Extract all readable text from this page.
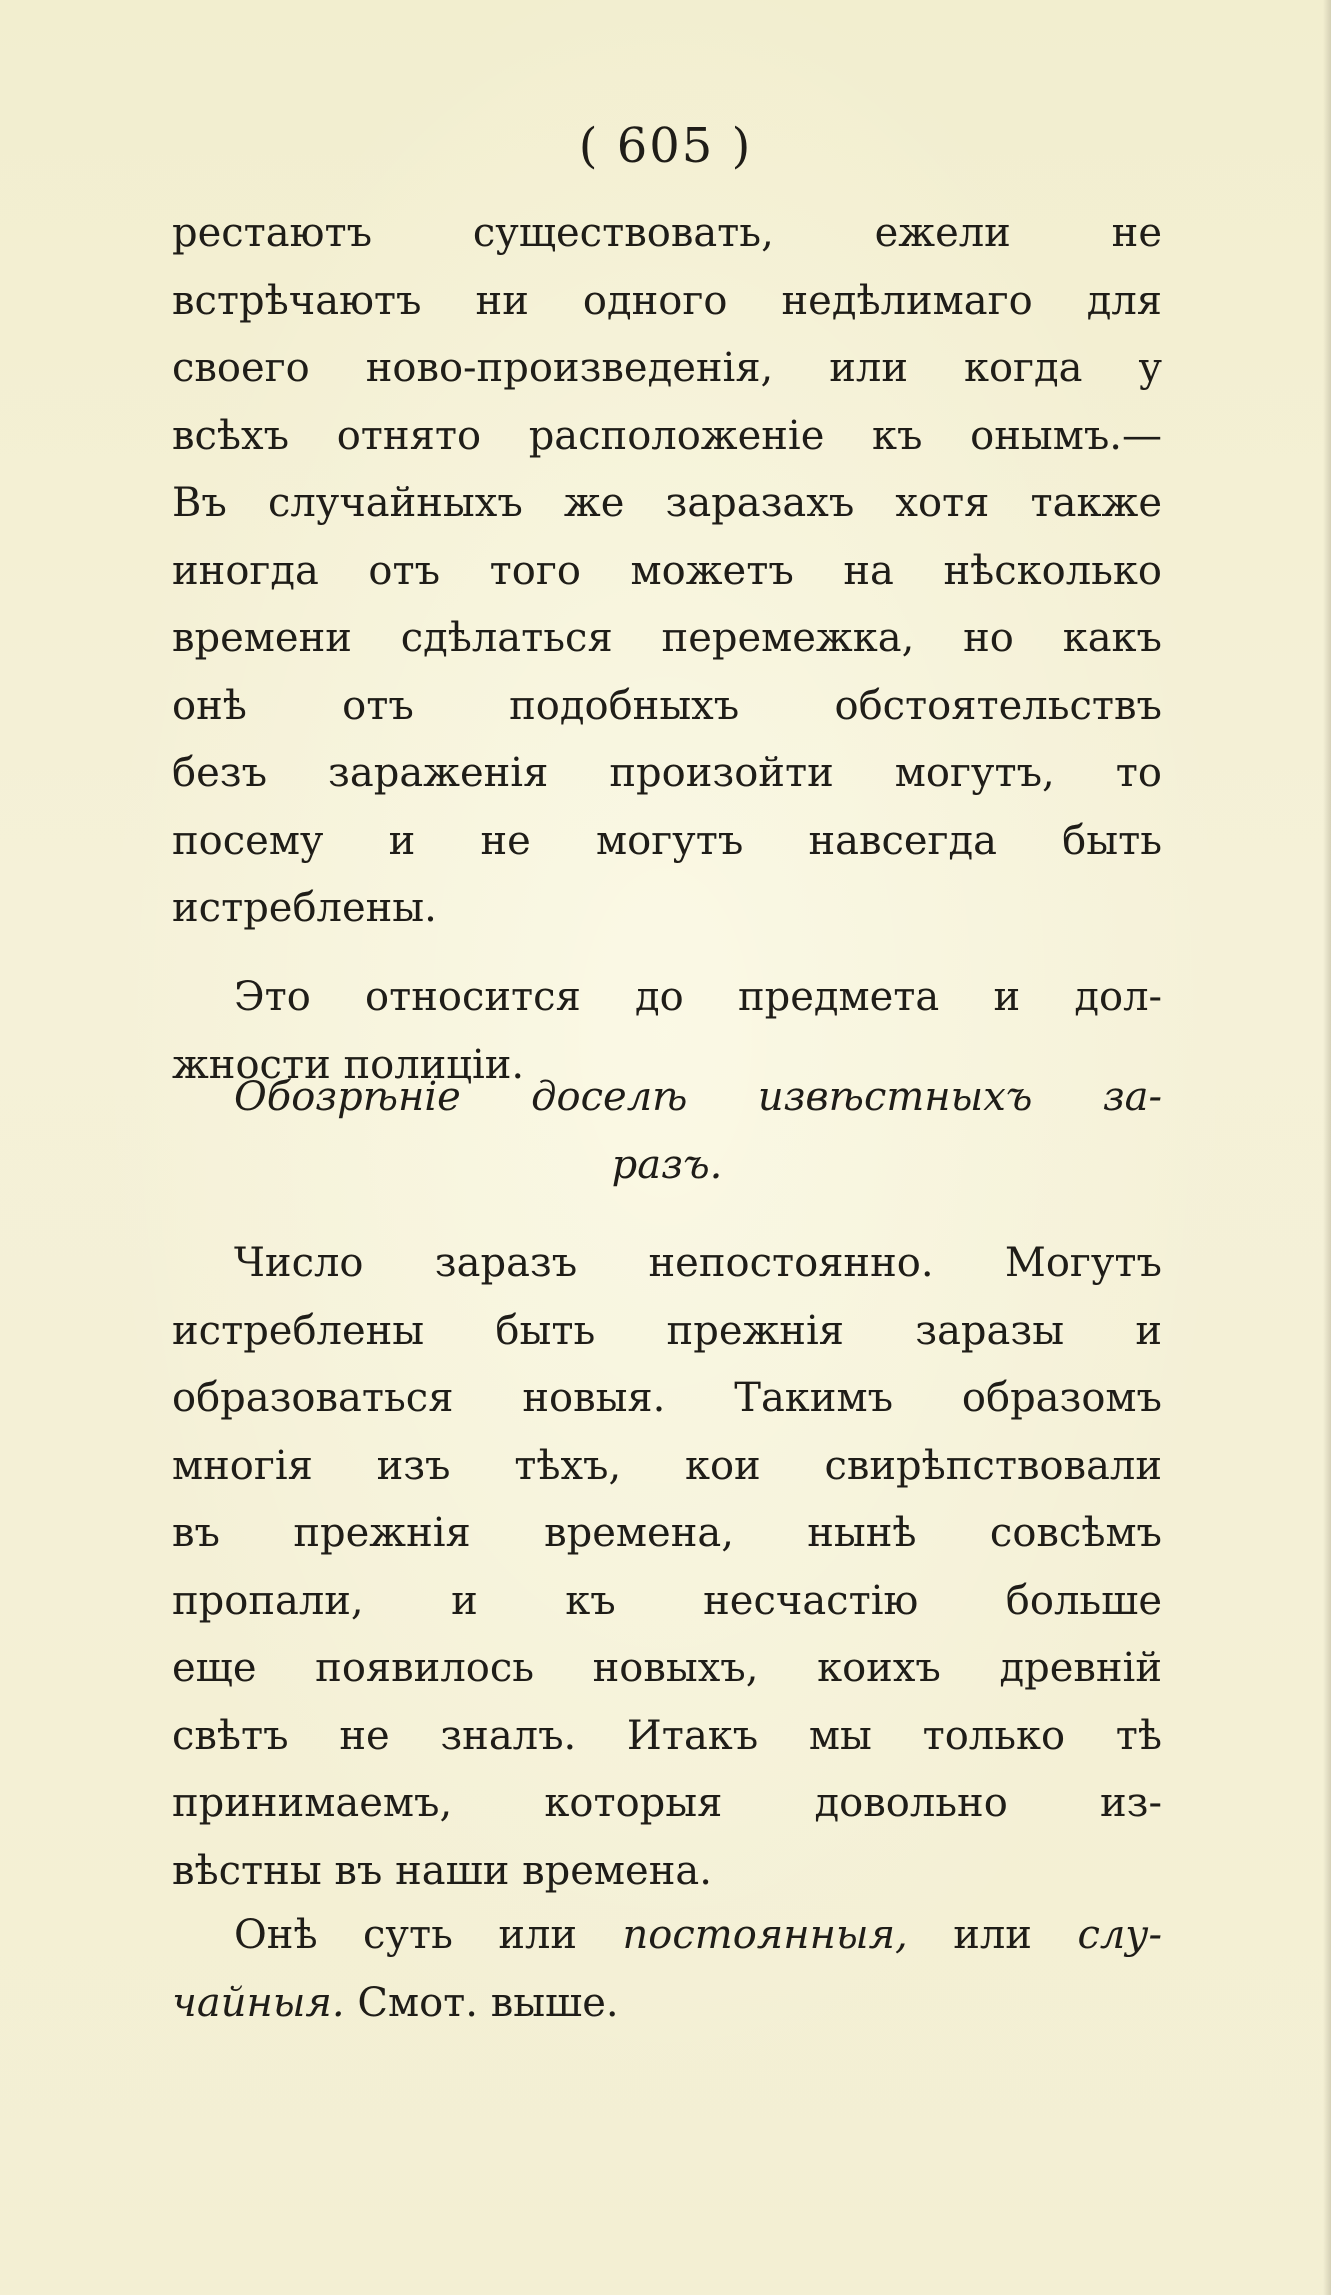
( 605 )
рестаютъ существовать, ежели не
встрѣчаютъ ни одного недѣлимаго для
своего ново-произведенія, или когда у
всѣхъ отнято расположеніе къ онымъ.—
Въ случайныхъ же заразахъ хотя также
иногда отъ того можетъ на нѣсколько
времени сдѣлаться перемежка, но какъ
онѣ отъ подобныхъ обстоятельствъ
безъ зараженія произойти могутъ, то
посему и не могутъ навсегда быть
истреблены.
Это относится до предмета и дол-
жности полиціи.
Обозрѣніе доселѣ извѣстныхъ за-
разъ.
Число заразъ непостоянно. Могутъ
истреблены быть прежнія заразы и
образоваться новыя. Такимъ образомъ
многія изъ тѣхъ, кои свирѣпствовали
въ прежнія времена, нынѣ совсѣмъ
пропали, и къ несчастію больше
еще появилось новыхъ, коихъ древній
свѣтъ не зналъ. Итакъ мы только тѣ
принимаемъ, которыя довольно из-
вѣстны въ наши времена.
Онѣ суть или постоянныя, или слу-
чайныя. Смот. выше.
